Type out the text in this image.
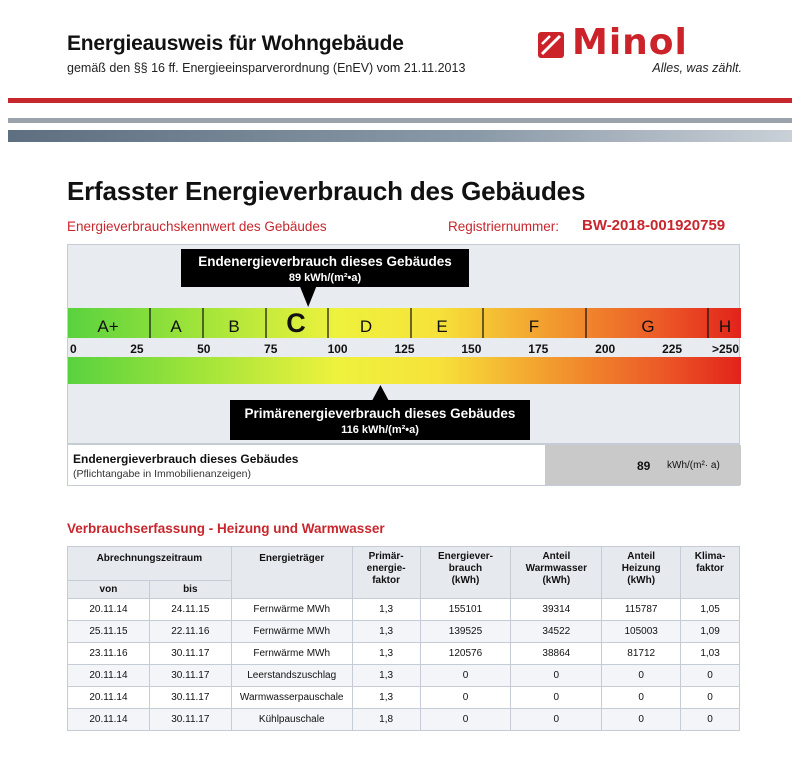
Energieausweis für Wohngebäude
gemäß den §§ 16 ff. Energieeinsparverordnung (EnEV) vom 21.11.2013
Minol
Alles, was zählt.
Erfasster Energieverbrauch des Gebäudes
Energieverbrauchskennwert des Gebäudes	Registriernummer: BW-2018-001920759
A+	A	B C	D	E	F	G	H
0	25	50	75	100	125	150	175	200	225 >250
Endenergieverbrauch dieses Gebäudes
89 kWh/(m²•a)
Primärenergieverbrauch dieses Gebäudes
116 kWh/(m²•a)
Endenergieverbrauch dieses Gebäudes
(Pflichtangabe in Immobilienanzeigen)
89 kWh/(m²· a)
Verbrauchserfassung - Heizung und Warmwasser
Abrechnungszeitraum		Energieträger	Primär-
energie-
faktor	Energiever-
brauch
(kWh)	Anteil
Warmwasser
(kWh)	Anteil
Heizung
(kWh)	Klima-
faktor
von	bis						
20.11.14	24.11.15	Fernwärme MWh	1,3	155101	39314	115787	1,05
25.11.15	22.11.16	Fernwärme MWh	1,3	139525	34522	105003	1,09
23.11.16	30.11.17	Fernwärme MWh	1,3	120576	38864	81712	1,03
20.11.14	30.11.17	Leerstandszuschlag	1,3	0	0	0	0
20.11.14	30.11.17	Warmwasserpauschale	1,3	0	0	0	0
20.11.14	30.11.17	Kühlpauschale	1,8	0	0	0	0
